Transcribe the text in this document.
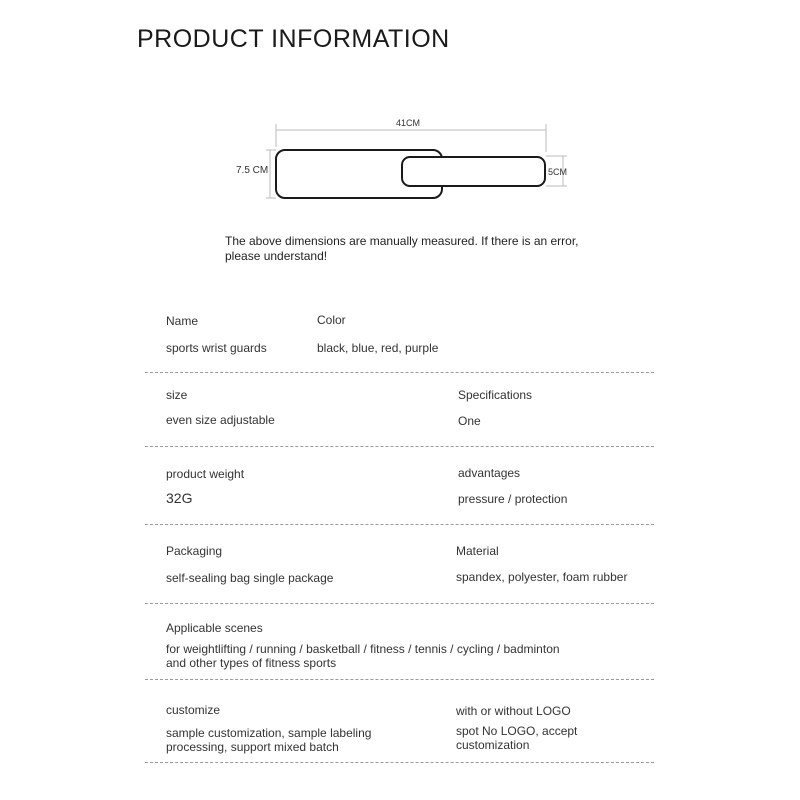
PRODUCT INFORMATION
41CM
7.5 CM	5CM
The above dimensions are manually measured. If there is an error, please understand!
Name
sports wrist guards
Color
black, blue, red, purple
size
even size adjustable
Specifications
One
product weight
32G
advantages
pressure / protection
Packaging
self-sealing bag single package
Material
spandex, polyester, foam rubber
Applicable scenes
for weightlifting / running / basketball / fitness / tennis / cycling / badminton
and other types of fitness sports
customize
sample customization, sample labeling
processing, support mixed batch
with or without LOGO
spot No LOGO, accept
customization
